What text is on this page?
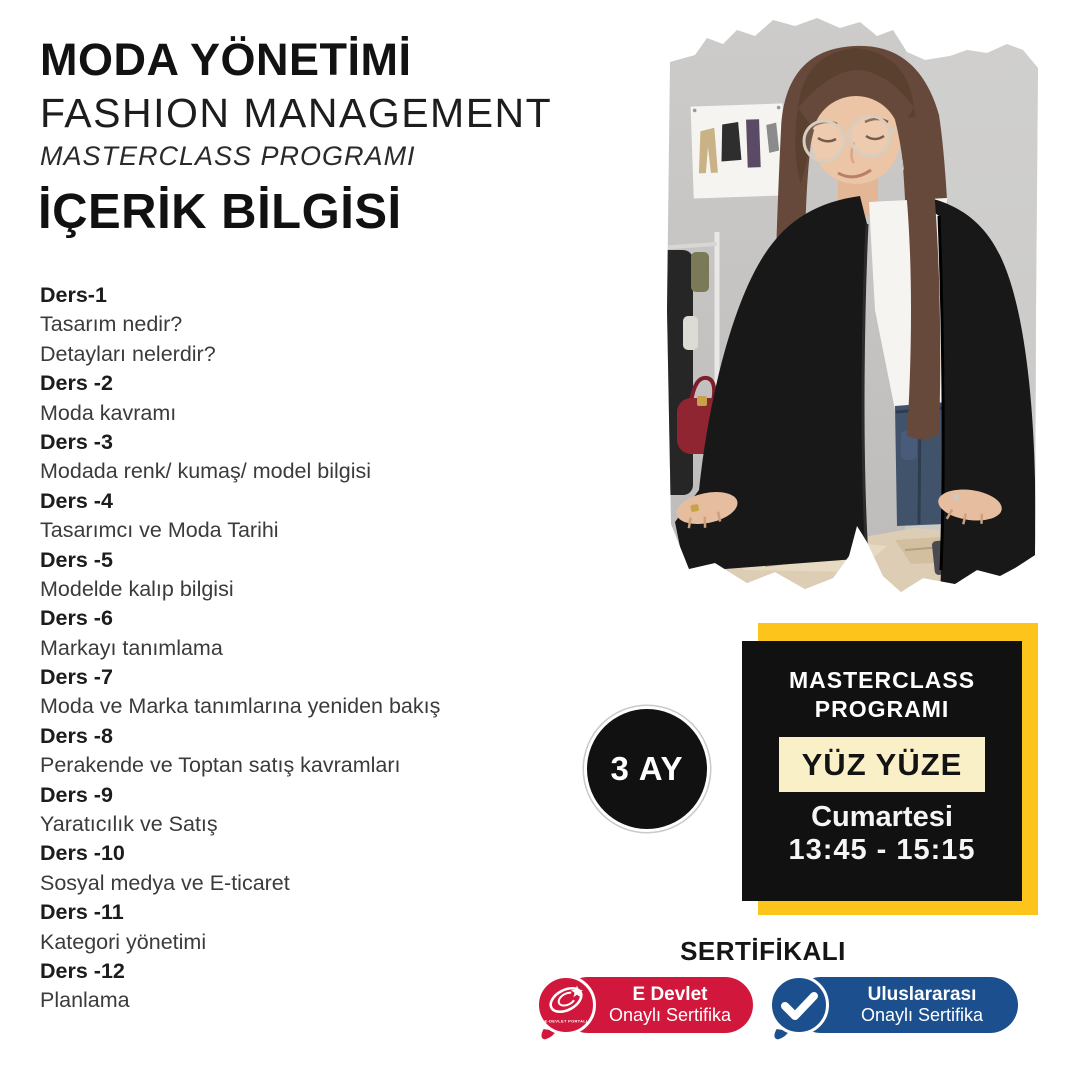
MODA YÖNETİMİ
FASHION MANAGEMENT
MASTERCLASS PROGRAMI
İÇERİK BİLGİSİ
Ders-1
Tasarım nedir?
Detayları nelerdir?
Ders -2
Moda kavramı
Ders -3
Modada renk/ kumaş/ model bilgisi
Ders -4
Tasarımcı ve Moda Tarihi
Ders -5
Modelde kalıp bilgisi
Ders -6
Markayı tanımlama
Ders -7
Moda ve Marka tanımlarına yeniden bakış
Ders -8
Perakende ve Toptan satış kavramları
Ders -9
Yaratıcılık ve Satış
Ders -10
Sosyal medya ve E-ticaret
Ders -11
Kategori yönetimi
Ders -12
Planlama
MASTERCLASS
PROGRAMI
YÜZ YÜZE
Cumartesi
13:45 - 15:15
3 AY
SERTİFİKALI
E Devlet
Onaylı Sertifika
E-DEVLET PORTALI
Uluslararası
Onaylı Sertifika
